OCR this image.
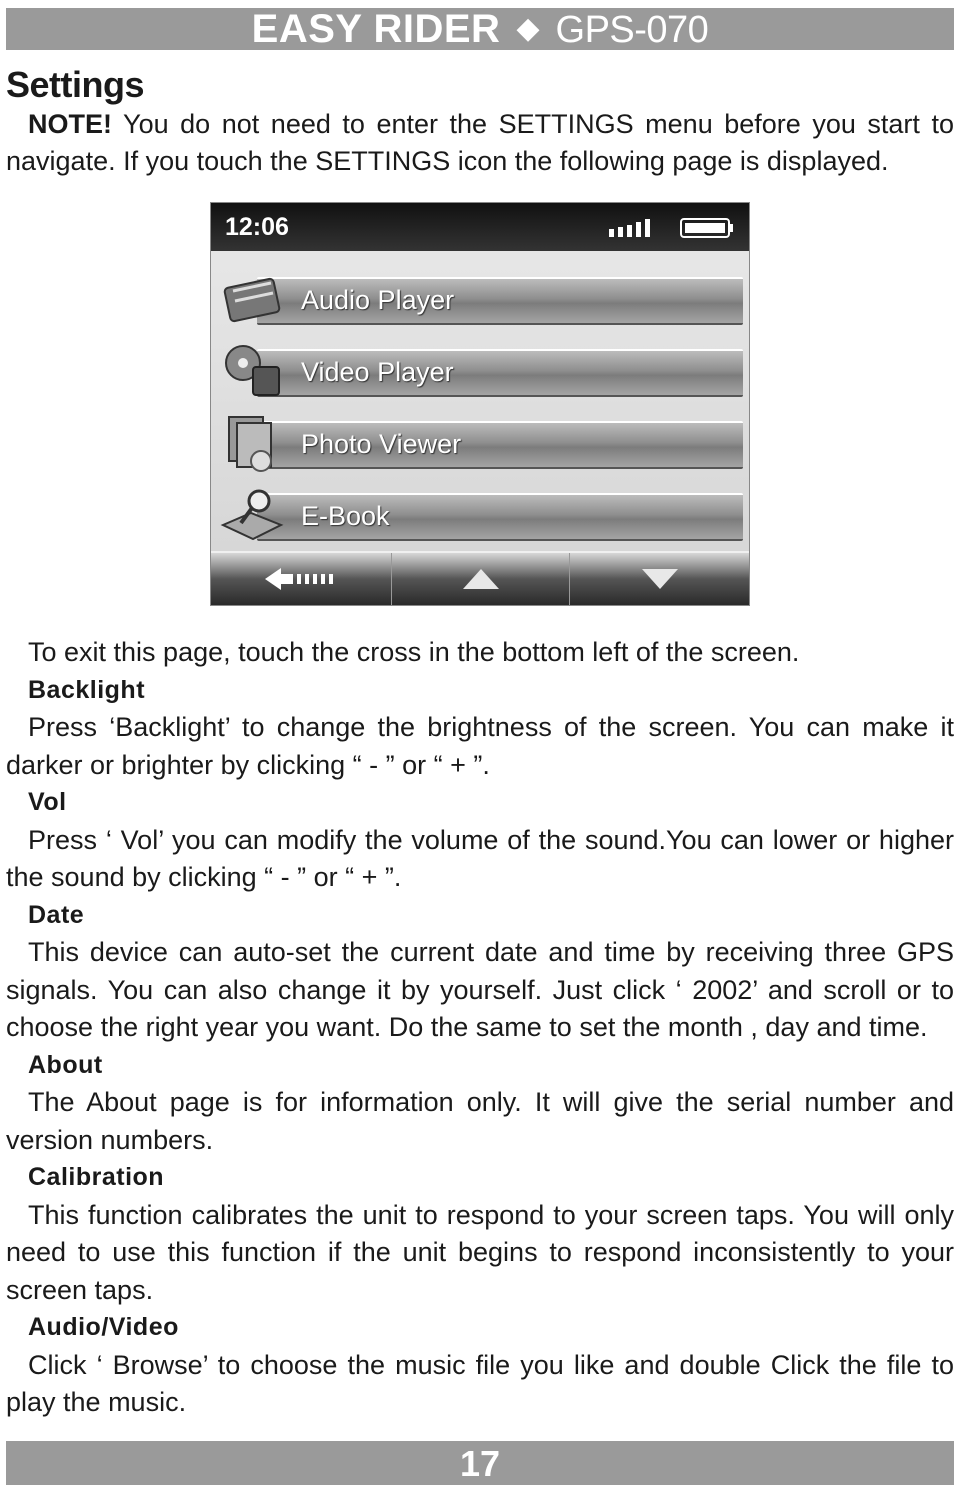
EASY RIDER ◆ GPS-070
Settings

NOTE! You do not need to enter the SETTINGS menu before you start to navigate. If you touch the SETTINGS icon the following page is displayed.

12:06
Audio Player
Video Player
Photo Viewer
E-Book

To exit this page, touch the cross in the bottom left of the screen.

Backlight

Press ‘Backlight’ to change the brightness of the screen. You can make it darker or brighter by clicking “ - ” or “ + ”.

Vol

Press ‘ Vol’ you can modify the volume of the sound.You can lower or higher the sound by clicking “ - ” or “ + ”.

Date

This device can auto-set the current date and time by receiving three GPS signals. You can also change it by yourself. Just click ‘ 2002’ and scroll or to choose the right year you want. Do the same to set the month , day and time.

About

The About page is for information only. It will give the serial number and version numbers.

Calibration

This function calibrates the unit to respond to your screen taps. You will only need to use this function if the unit begins to respond inconsistently to your screen taps.

Audio/Video

Click ‘ Browse’ to choose the music file you like and double Click the file to play the music.

17
